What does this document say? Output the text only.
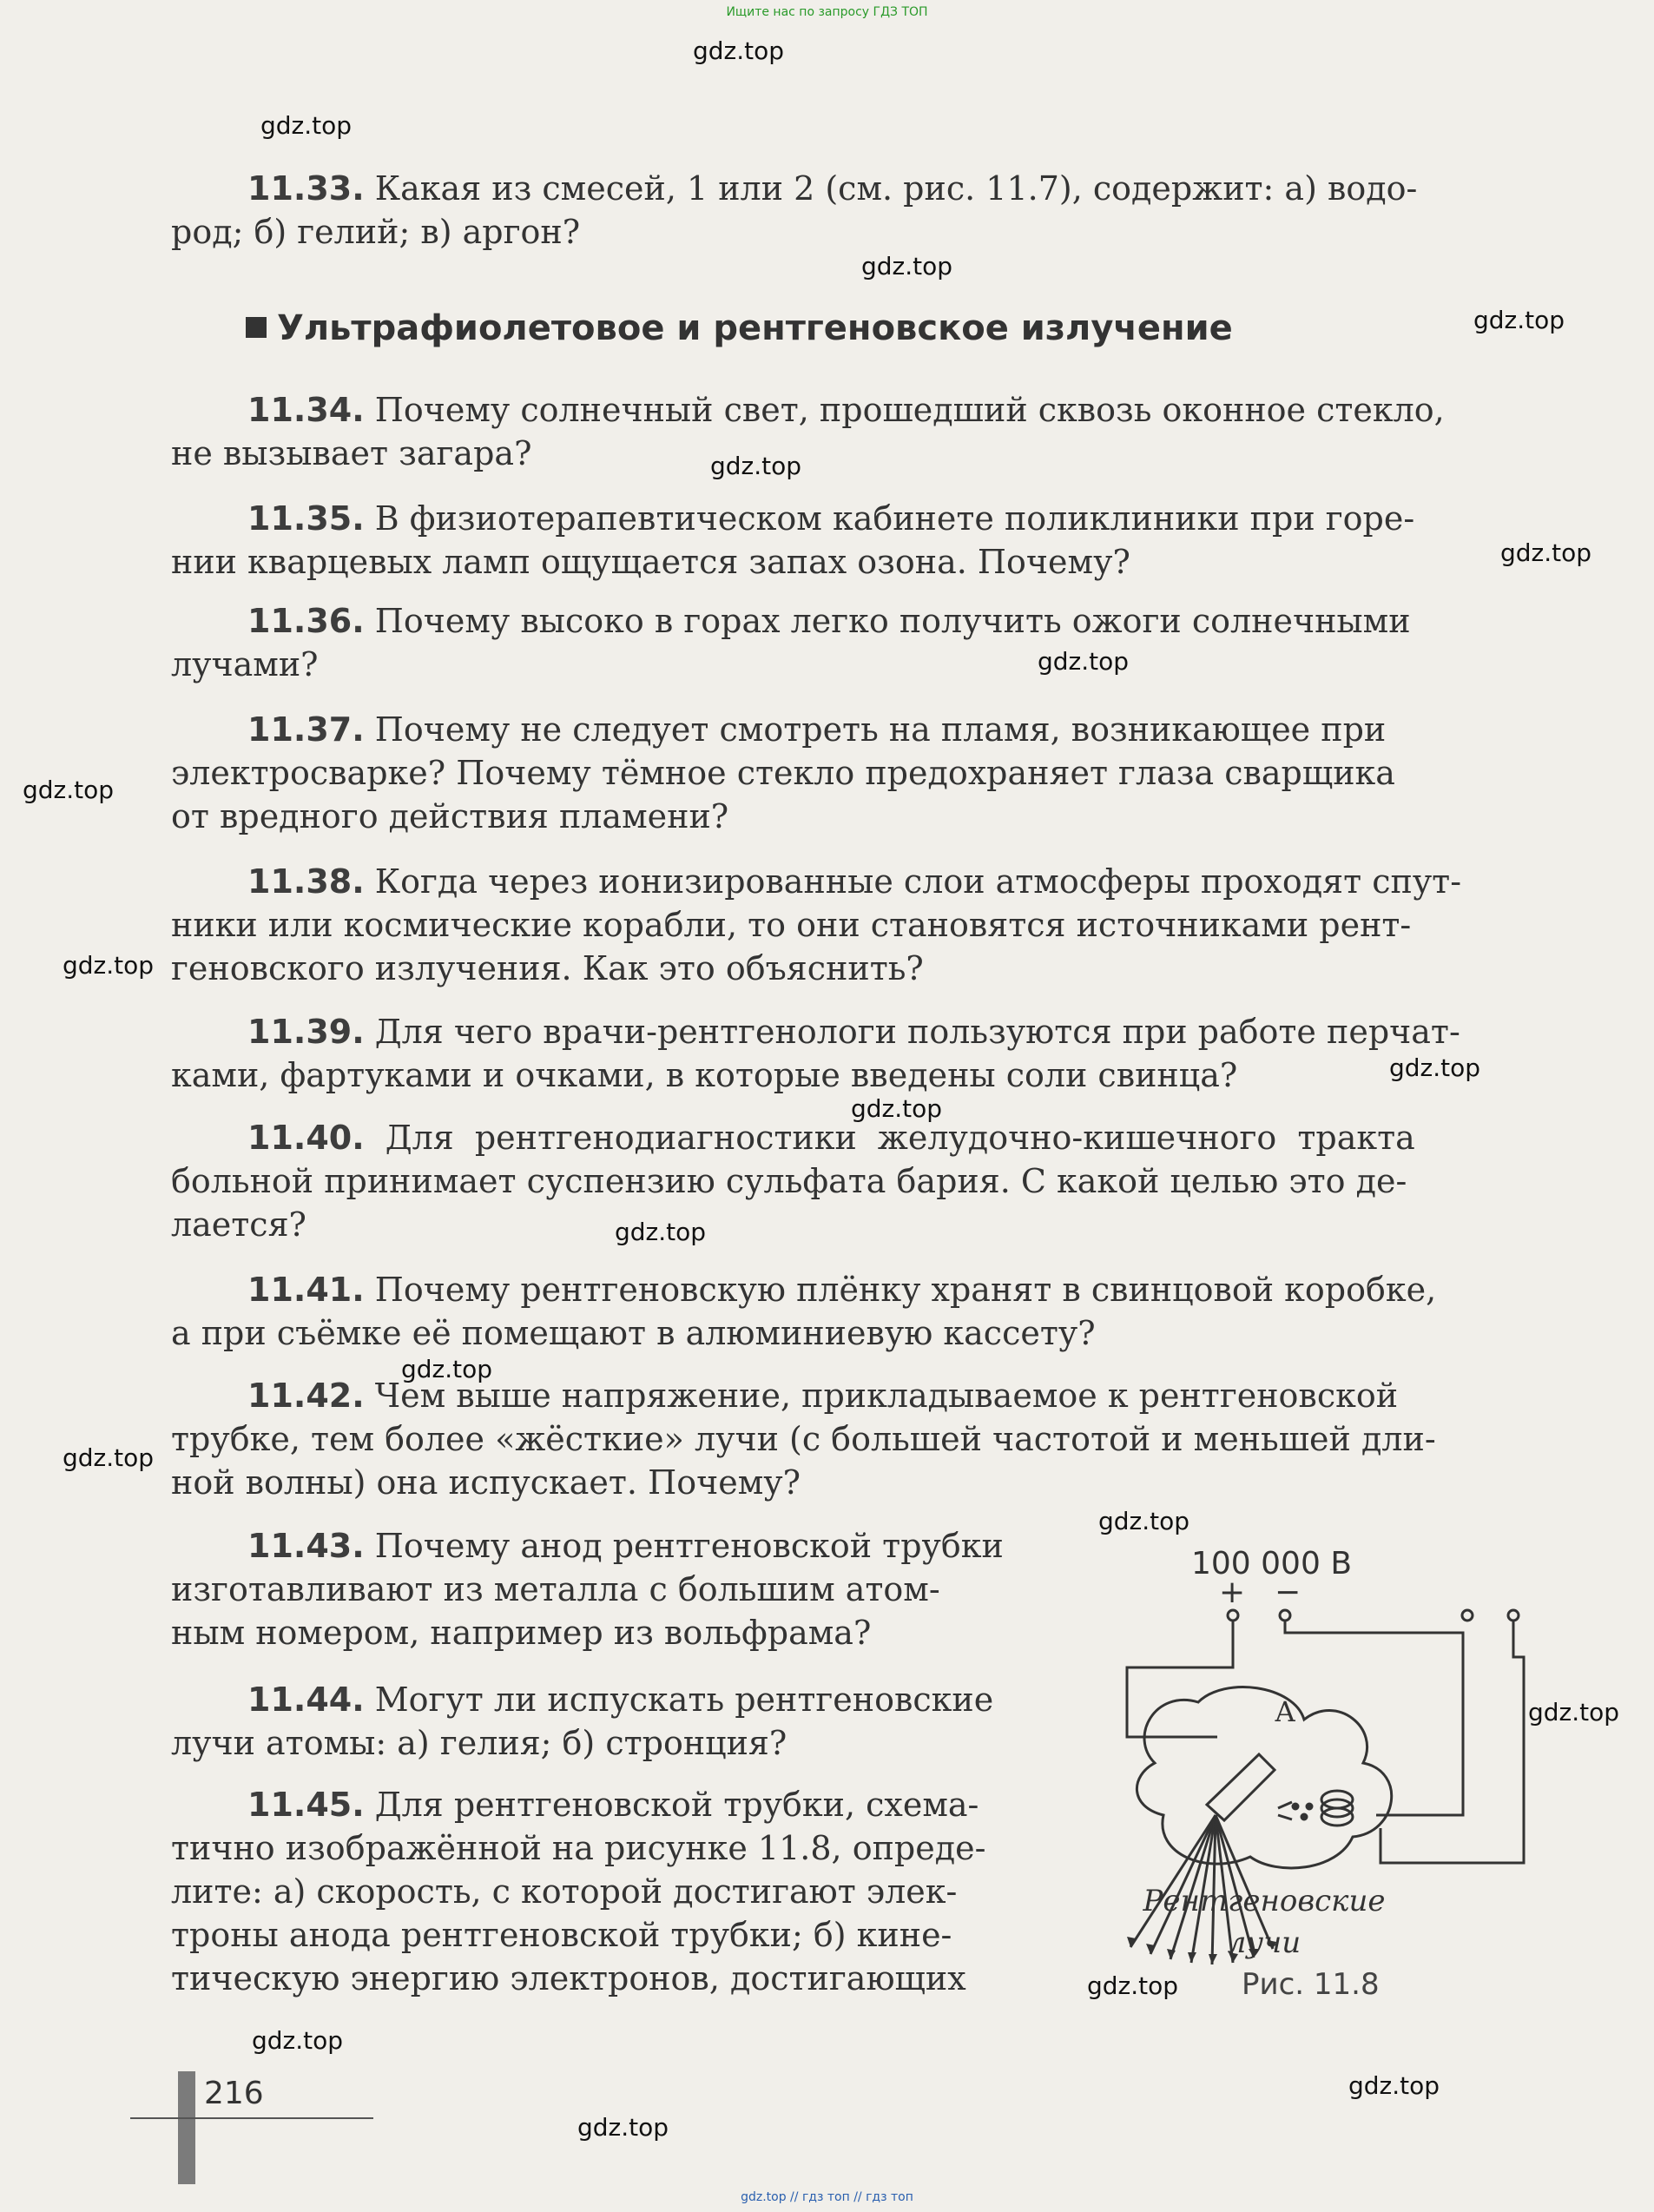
Ищите нас по запросу ГДЗ ТОП
gdz.top
gdz.top
gdz.top
gdz.top
gdz.top
gdz.top
gdz.top
gdz.top
gdz.top
gdz.top
gdz.top
gdz.top
gdz.top
gdz.top
gdz.top
gdz.top
gdz.top
gdz.top
gdz.top
gdz.top

11.33. Какая из смесей, 1 или 2 (см. рис. 11.7), содержит: а) водо-

род; б) гелий; в) аргон?

Ультрафиолетовое и рентгеновское излучение

11.34. Почему солнечный свет, прошедший сквозь оконное стекло,

не вызывает загара?

11.35. В физиотерапевтическом кабинете поликлиники при горе-

нии кварцевых ламп ощущается запах озона. Почему?

11.36. Почему высоко в горах легко получить ожоги солнечными

лучами?

11.37. Почему не следует смотреть на пламя, возникающее при

электросварке? Почему тёмное стекло предохраняет глаза сварщика

от вредного действия пламени?

11.38. Когда через ионизированные слои атмосферы проходят спут-

ники или космические корабли, то они становятся источниками рент-

геновского излучения. Как это объяснить?

11.39. Для чего врачи-рентгенологи пользуются при работе перчат-

ками, фартуками и очками, в которые введены соли свинца?

11.40. Для рентгенодиагностики желудочно-кишечного тракта

больной принимает суспензию сульфата бария. С какой целью это де-

лается?

11.41. Почему рентгеновскую плёнку хранят в свинцовой коробке,

а при съёмке её помещают в алюминиевую кассету?

11.42. Чем выше напряжение, прикладываемое к рентгеновской

трубке, тем более «жёсткие» лучи (с большей частотой и меньшей дли-

ной волны) она испускает. Почему?

11.43. Почему анод рентгеновской трубки

изготавливают из металла с большим атом-

ным номером, например из вольфрама?

11.44. Могут ли испускать рентгеновские

лучи атомы: а) гелия; б) стронция?

11.45. Для рентгеновской трубки, схема-

тично изображённой на рисунке 11.8, опреде-

лите: а) скорость, с которой достигают элек-

троны анода рентгеновской трубки; б) кине-

тическую энергию электронов, достигающих

100 000 В
+ −
А
Рентгеновские
лучи
Рис. 11.8
216
gdz.top // гдз топ // гдз топ
